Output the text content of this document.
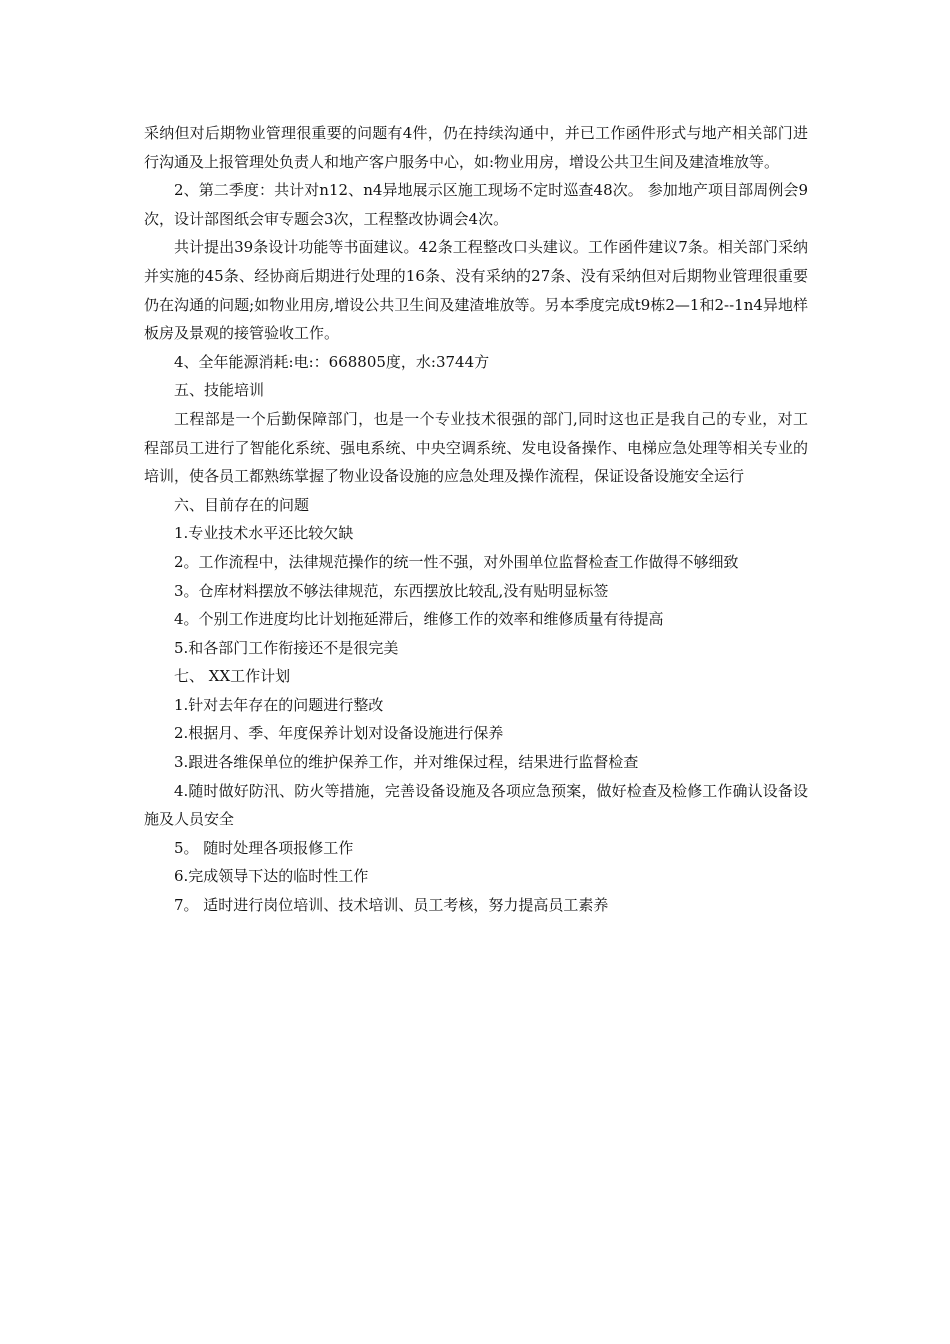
采纳但对后期物业管理很重要的问题有4件，仍在持续沟通中，并已工作函件形式与地产相关部门进行沟通及上报管理处负责人和地产客户服务中心，如:物业用房，增设公共卫生间及建渣堆放等。

2、第二季度：共计对n12、n4异地展示区施工现场不定时巡查48次。 参加地产项目部周例会9次，设计部图纸会审专题会3次，工程整改协调会4次。

共计提出39条设计功能等书面建议。42条工程整改口头建议。工作函件建议7条。相关部门采纳并实施的45条、经协商后期进行处理的16条、没有采纳的27条、没有采纳但对后期物业管理很重要仍在沟通的问题;如物业用房,增设公共卫生间及建渣堆放等。另本季度完成t9栋2—1和2--1n4异地样板房及景观的接管验收工作。

4、全年能源消耗:电:：668805度，水:3744方

五、技能培训

工程部是一个后勤保障部门，也是一个专业技术很强的部门,同时这也正是我自己的专业，对工程部员工进行了智能化系统、强电系统、中央空调系统、发电设备操作、电梯应急处理等相关专业的培训，使各员工都熟练掌握了物业设备设施的应急处理及操作流程，保证设备设施安全运行

六、目前存在的问题

1.专业技术水平还比较欠缺

2。工作流程中，法律规范操作的统一性不强，对外围单位监督检查工作做得不够细致

3。仓库材料摆放不够法律规范，东西摆放比较乱,没有贴明显标签

4。个别工作进度均比计划拖延滞后，维修工作的效率和维修质量有待提高

5.和各部门工作衔接还不是很完美

七、 XX工作计划

1.针对去年存在的问题进行整改

2.根据月、季、年度保养计划对设备设施进行保养

3.跟进各维保单位的维护保养工作，并对维保过程，结果进行监督检查

4.随时做好防汛、防火等措施，完善设备设施及各项应急预案，做好检查及检修工作确认设备设施及人员安全

5。 随时处理各项报修工作

6.完成领导下达的临时性工作

7。 适时进行岗位培训、技术培训、员工考核，努力提高员工素养
